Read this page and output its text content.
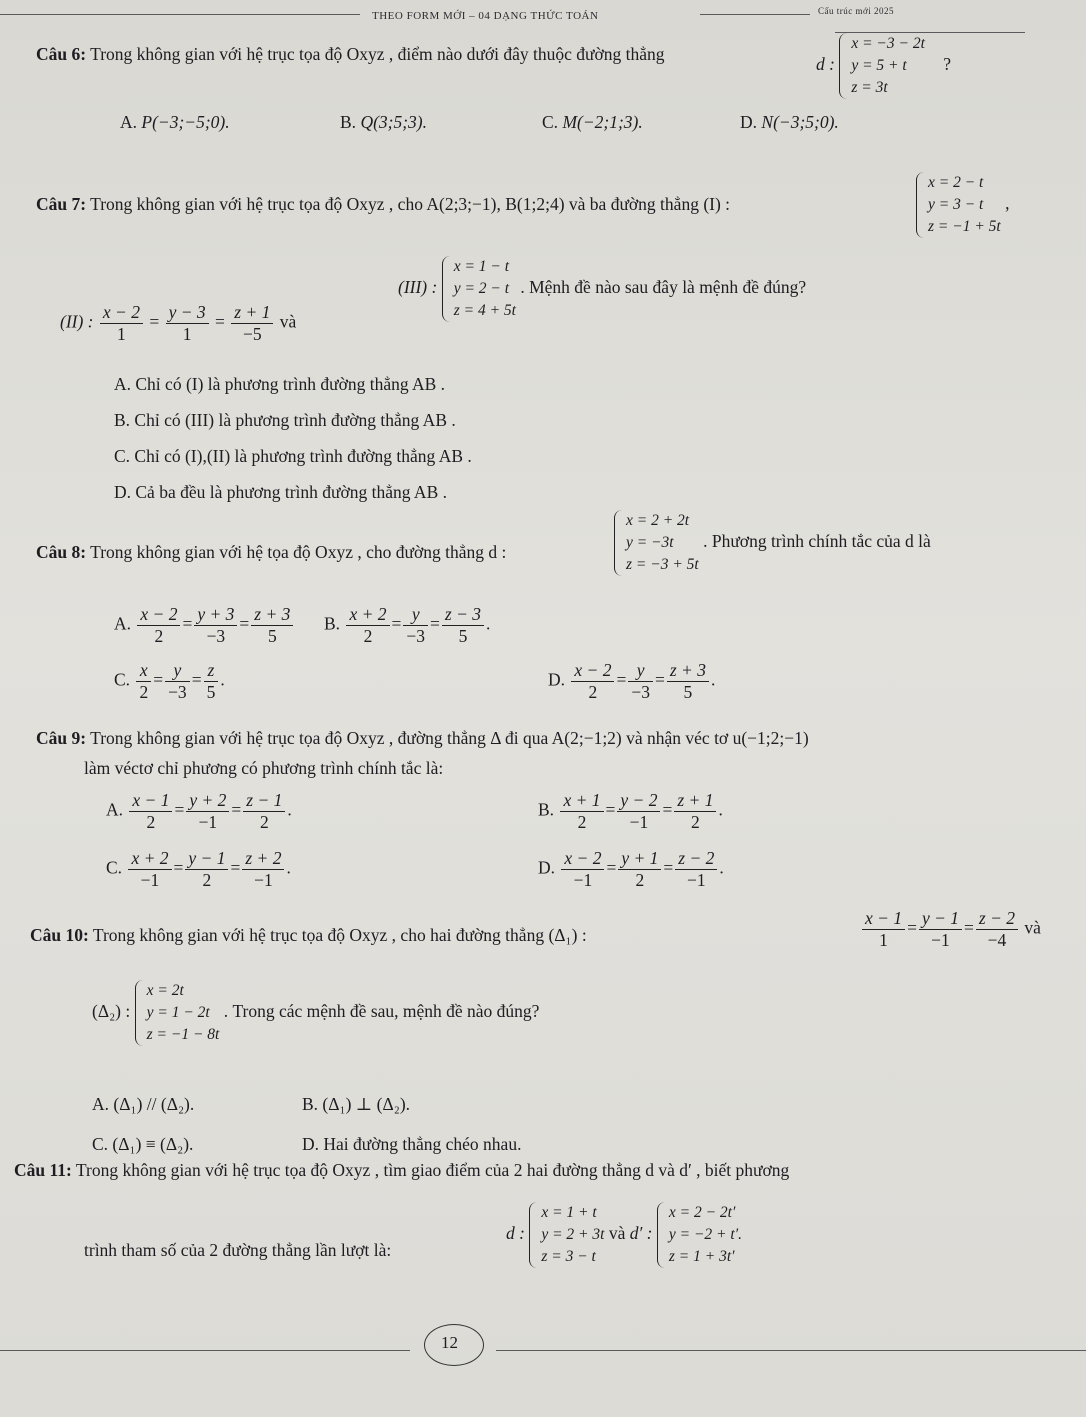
THEO FORM MỚI – 04 DẠNG THỨC TOÁN	Cấu trúc mới 2025
Câu 6: Trong không gian với hệ trục tọa độ Oxyz , điểm nào dưới đây thuộc đường thẳng
d :
x = −3 − 2t
y = 5 + t
z = 3t
?
A. P(−3;−5;0).	B. Q(3;5;3).	C. M(−2;1;3).	D. N(−3;5;0).
Câu 7: Trong không gian với hệ trục tọa độ Oxyz , cho A(2;3;−1), B(1;2;4) và ba đường thẳng (I) :
x = 2 − t
y = 3 − t
z = −1 + 5t
,
(II) : $\frac{x - 2}{1} = \frac{y - 3}{1} = \frac{z + 1}{-5}$ và
(III) :
x = 1 − t
y = 2 − t
z = 4 + 5t
. Mệnh đề nào sau đây là mệnh đề đúng?
A. Chỉ có (I) là phương trình đường thẳng AB .
B. Chỉ có (III) là phương trình đường thẳng AB .
C. Chỉ có (I),(II) là phương trình đường thẳng AB .
D. Cả ba đều là phương trình đường thẳng AB .
Câu 8: Trong không gian với hệ tọa độ Oxyz , cho đường thẳng d :
x = 2 + 2t
y = −3t
z = −3 + 5t
. Phương trình chính tắc của d là
A. $\frac{x - 2}{2} = \frac{y + 3}{-3} = \frac{z + 3}{5} B$. $\frac{x + 2}{2} = \frac{y}{-3} = \frac{z - 3}{5}$ .
C. $\frac{x}{2} = \frac{y}{-3} = \frac{z}{5}$ .	D. $\frac{x - 2}{2} = \frac{y}{-3} = \frac{z + 3}{5}$ .
Câu 9: Trong không gian với hệ trục tọa độ Oxyz , đường thẳng Δ đi qua A(2;−1;2) và nhận véc tơ u(−1;2;−1)
làm véctơ chỉ phương có phương trình chính tắc là:
A. $\frac{x - 1}{2} = \frac{y + 2}{-1} = \frac{z - 1}{2}$ .	B. $\frac{x + 1}{2} = \frac{y - 2}{-1} = \frac{z + 1}{2}$ .
C. $\frac{x + 2}{-1} = \frac{y - 1}{2} = \frac{z + 2}{-1}$ .	D. $\frac{x - 2}{-1} = \frac{y + 1}{2} = \frac{z - 2}{-1}$ .
Câu 10: Trong không gian với hệ trục tọa độ Oxyz , cho hai đường thẳng (Δ₁) :	$\frac{x - 1}{1} = \frac{y - 1}{-1} = \frac{z - 2}{-4}$ và
(Δ₂) :
x = 2t
y = 1 − 2t
z = −1 − 8t
. Trong các mệnh đề sau, mệnh đề nào đúng?
A. (Δ₁) // (Δ₂).	B. (Δ₁) ⊥ (Δ₂).
C. (Δ₁) ≡ (Δ₂).	D. Hai đường thẳng chéo nhau.
Câu 11: Trong không gian với hệ trục tọa độ Oxyz , tìm giao điểm của 2 hai đường thẳng d và d′ , biết phương
trình tham số của 2 đường thẳng lần lượt là:
d :
x = 1 + t
y = 2 + 3t
z = 3 − t
và d′ :
x = 2 − 2t′
y = −2 + t′.
z = 1 + 3t′
12
